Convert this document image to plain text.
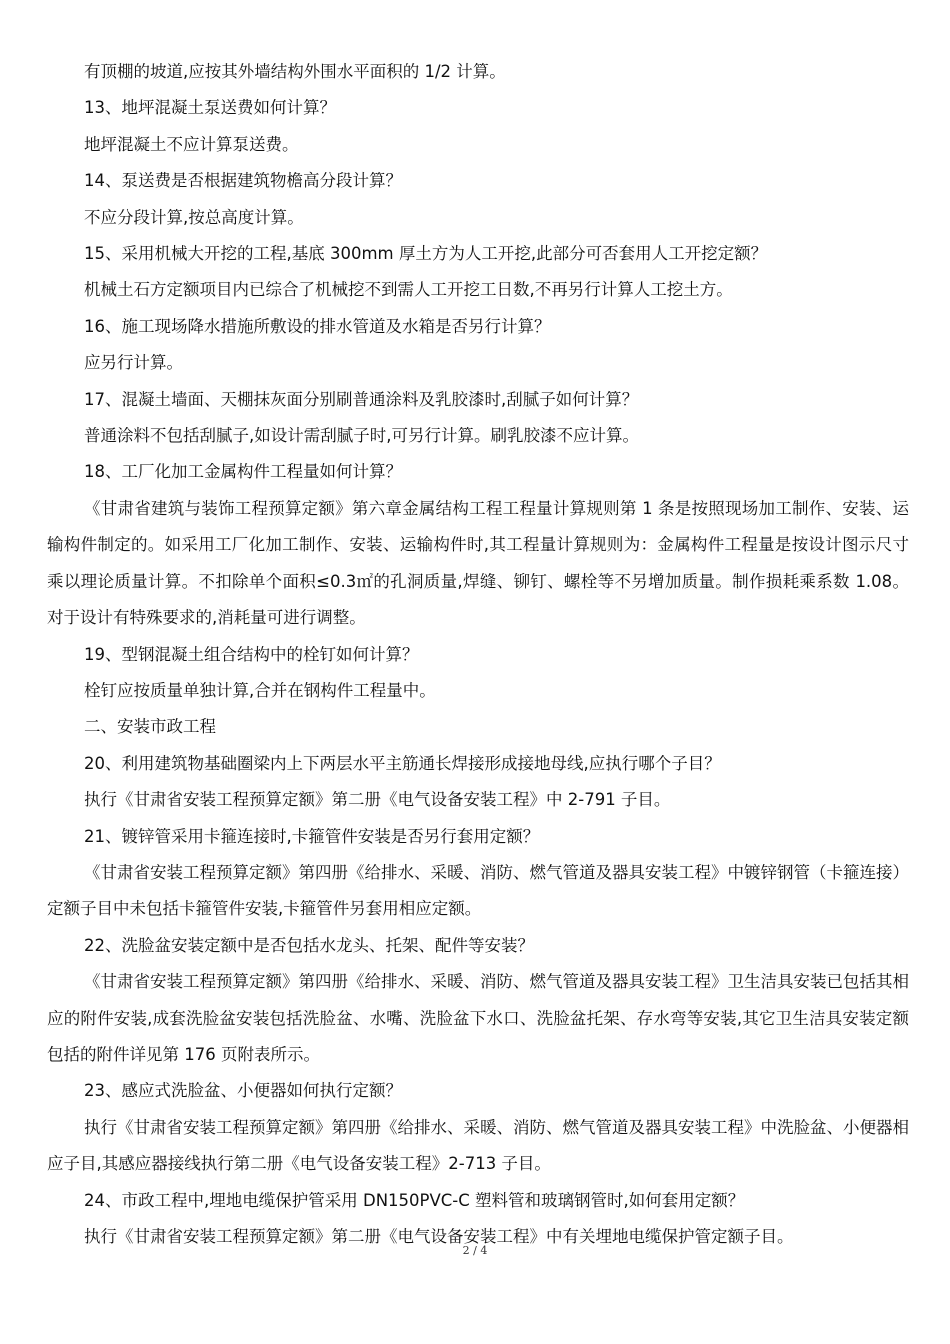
有顶棚的坡道,应按其外墙结构外围水平面积的 1/2 计算。

13、地坪混凝土泵送费如何计算？

地坪混凝土不应计算泵送费。

14、泵送费是否根据建筑物檐高分段计算？

不应分段计算,按总高度计算。

15、采用机械大开挖的工程,基底 300mm 厚土方为人工开挖,此部分可否套用人工开挖定额？

机械土石方定额项目内已综合了机械挖不到需人工开挖工日数,不再另行计算人工挖土方。

16、施工现场降水措施所敷设的排水管道及水箱是否另行计算？

应另行计算。

17、混凝土墙面、天棚抹灰面分别刷普通涂料及乳胶漆时,刮腻子如何计算？

普通涂料不包括刮腻子,如设计需刮腻子时,可另行计算。刷乳胶漆不应计算。

18、工厂化加工金属构件工程量如何计算？

《甘肃省建筑与装饰工程预算定额》第六章金属结构工程工程量计算规则第 1 条是按照现场加工制作、安装、运输构件制定的。如采用工厂化加工制作、安装、运输构件时,其工程量计算规则为：金属构件工程量是按设计图示尺寸乘以理论质量计算。不扣除单个面积≤0.3㎡的孔洞质量,焊缝、铆钉、螺栓等不另增加质量。制作损耗乘系数 1.08。对于设计有特殊要求的,消耗量可进行调整。

19、型钢混凝土组合结构中的栓钉如何计算？

栓钉应按质量单独计算,合并在钢构件工程量中。

二、安装市政工程

20、利用建筑物基础圈梁内上下两层水平主筋通长焊接形成接地母线,应执行哪个子目？

执行《甘肃省安装工程预算定额》第二册《电气设备安装工程》中 2-791 子目。

21、镀锌管采用卡箍连接时,卡箍管件安装是否另行套用定额？

《甘肃省安装工程预算定额》第四册《给排水、采暖、消防、燃气管道及器具安装工程》中镀锌钢管（卡箍连接）定额子目中未包括卡箍管件安装,卡箍管件另套用相应定额。

22、洗脸盆安装定额中是否包括水龙头、托架、配件等安装？

《甘肃省安装工程预算定额》第四册《给排水、采暖、消防、燃气管道及器具安装工程》卫生洁具安装已包括其相应的附件安装,成套洗脸盆安装包括洗脸盆、水嘴、洗脸盆下水口、洗脸盆托架、存水弯等安装,其它卫生洁具安装定额包括的附件详见第 176 页附表所示。

23、感应式洗脸盆、小便器如何执行定额？

执行《甘肃省安装工程预算定额》第四册《给排水、采暖、消防、燃气管道及器具安装工程》中洗脸盆、小便器相应子目,其感应器接线执行第二册《电气设备安装工程》2-713 子目。

24、市政工程中,埋地电缆保护管采用 DN150PVC-C 塑料管和玻璃钢管时,如何套用定额？

执行《甘肃省安装工程预算定额》第二册《电气设备安装工程》中有关埋地电缆保护管定额子目。

2 / 4
